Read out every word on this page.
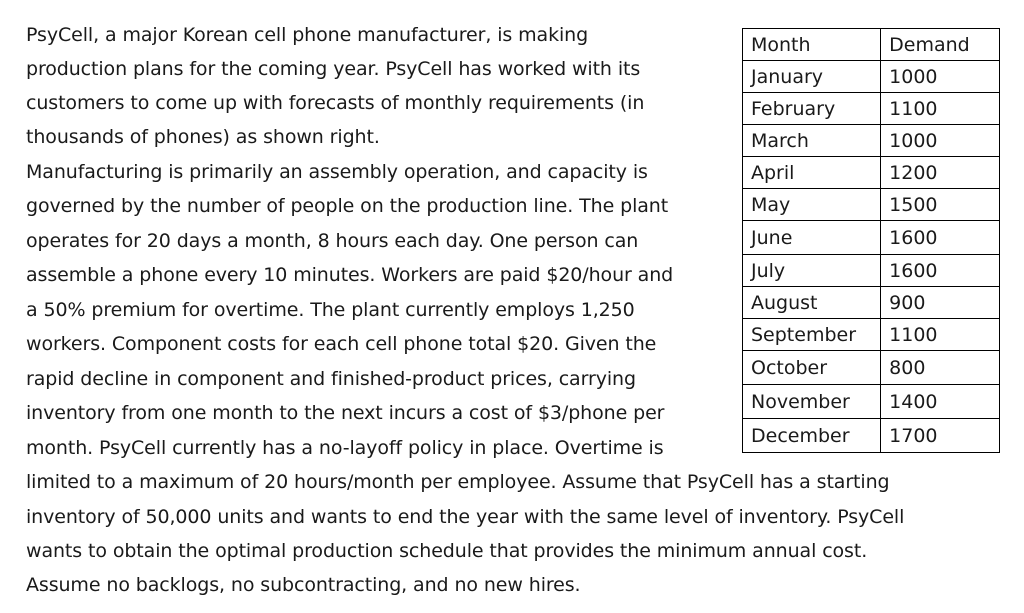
PsyCell, a major Korean cell phone manufacturer, is making
production plans for the coming year. PsyCell has worked with its
customers to come up with forecasts of monthly requirements (in
thousands of phones) as shown right.
Manufacturing is primarily an assembly operation, and capacity is
governed by the number of people on the production line. The plant
operates for 20 days a month, 8 hours each day. One person can
assemble a phone every 10 minutes. Workers are paid $20/hour and
a 50% premium for overtime. The plant currently employs 1,250
workers. Component costs for each cell phone total $20. Given the
rapid decline in component and finished-product prices, carrying
inventory from one month to the next incurs a cost of $3/phone per
month. PsyCell currently has a no-layoff policy in place. Overtime is
limited to a maximum of 20 hours/month per employee. Assume that PsyCell has a starting
inventory of 50,000 units and wants to end the year with the same level of inventory. PsyCell
wants to obtain the optimal production schedule that provides the minimum annual cost.
Assume no backlogs, no subcontracting, and no new hires.
Month	Demand
January	1000
February	1100
March	1000
April	1200
May	1500
June	1600
July	1600
August	900
September	1100
October	800
November	1400
December	1700
